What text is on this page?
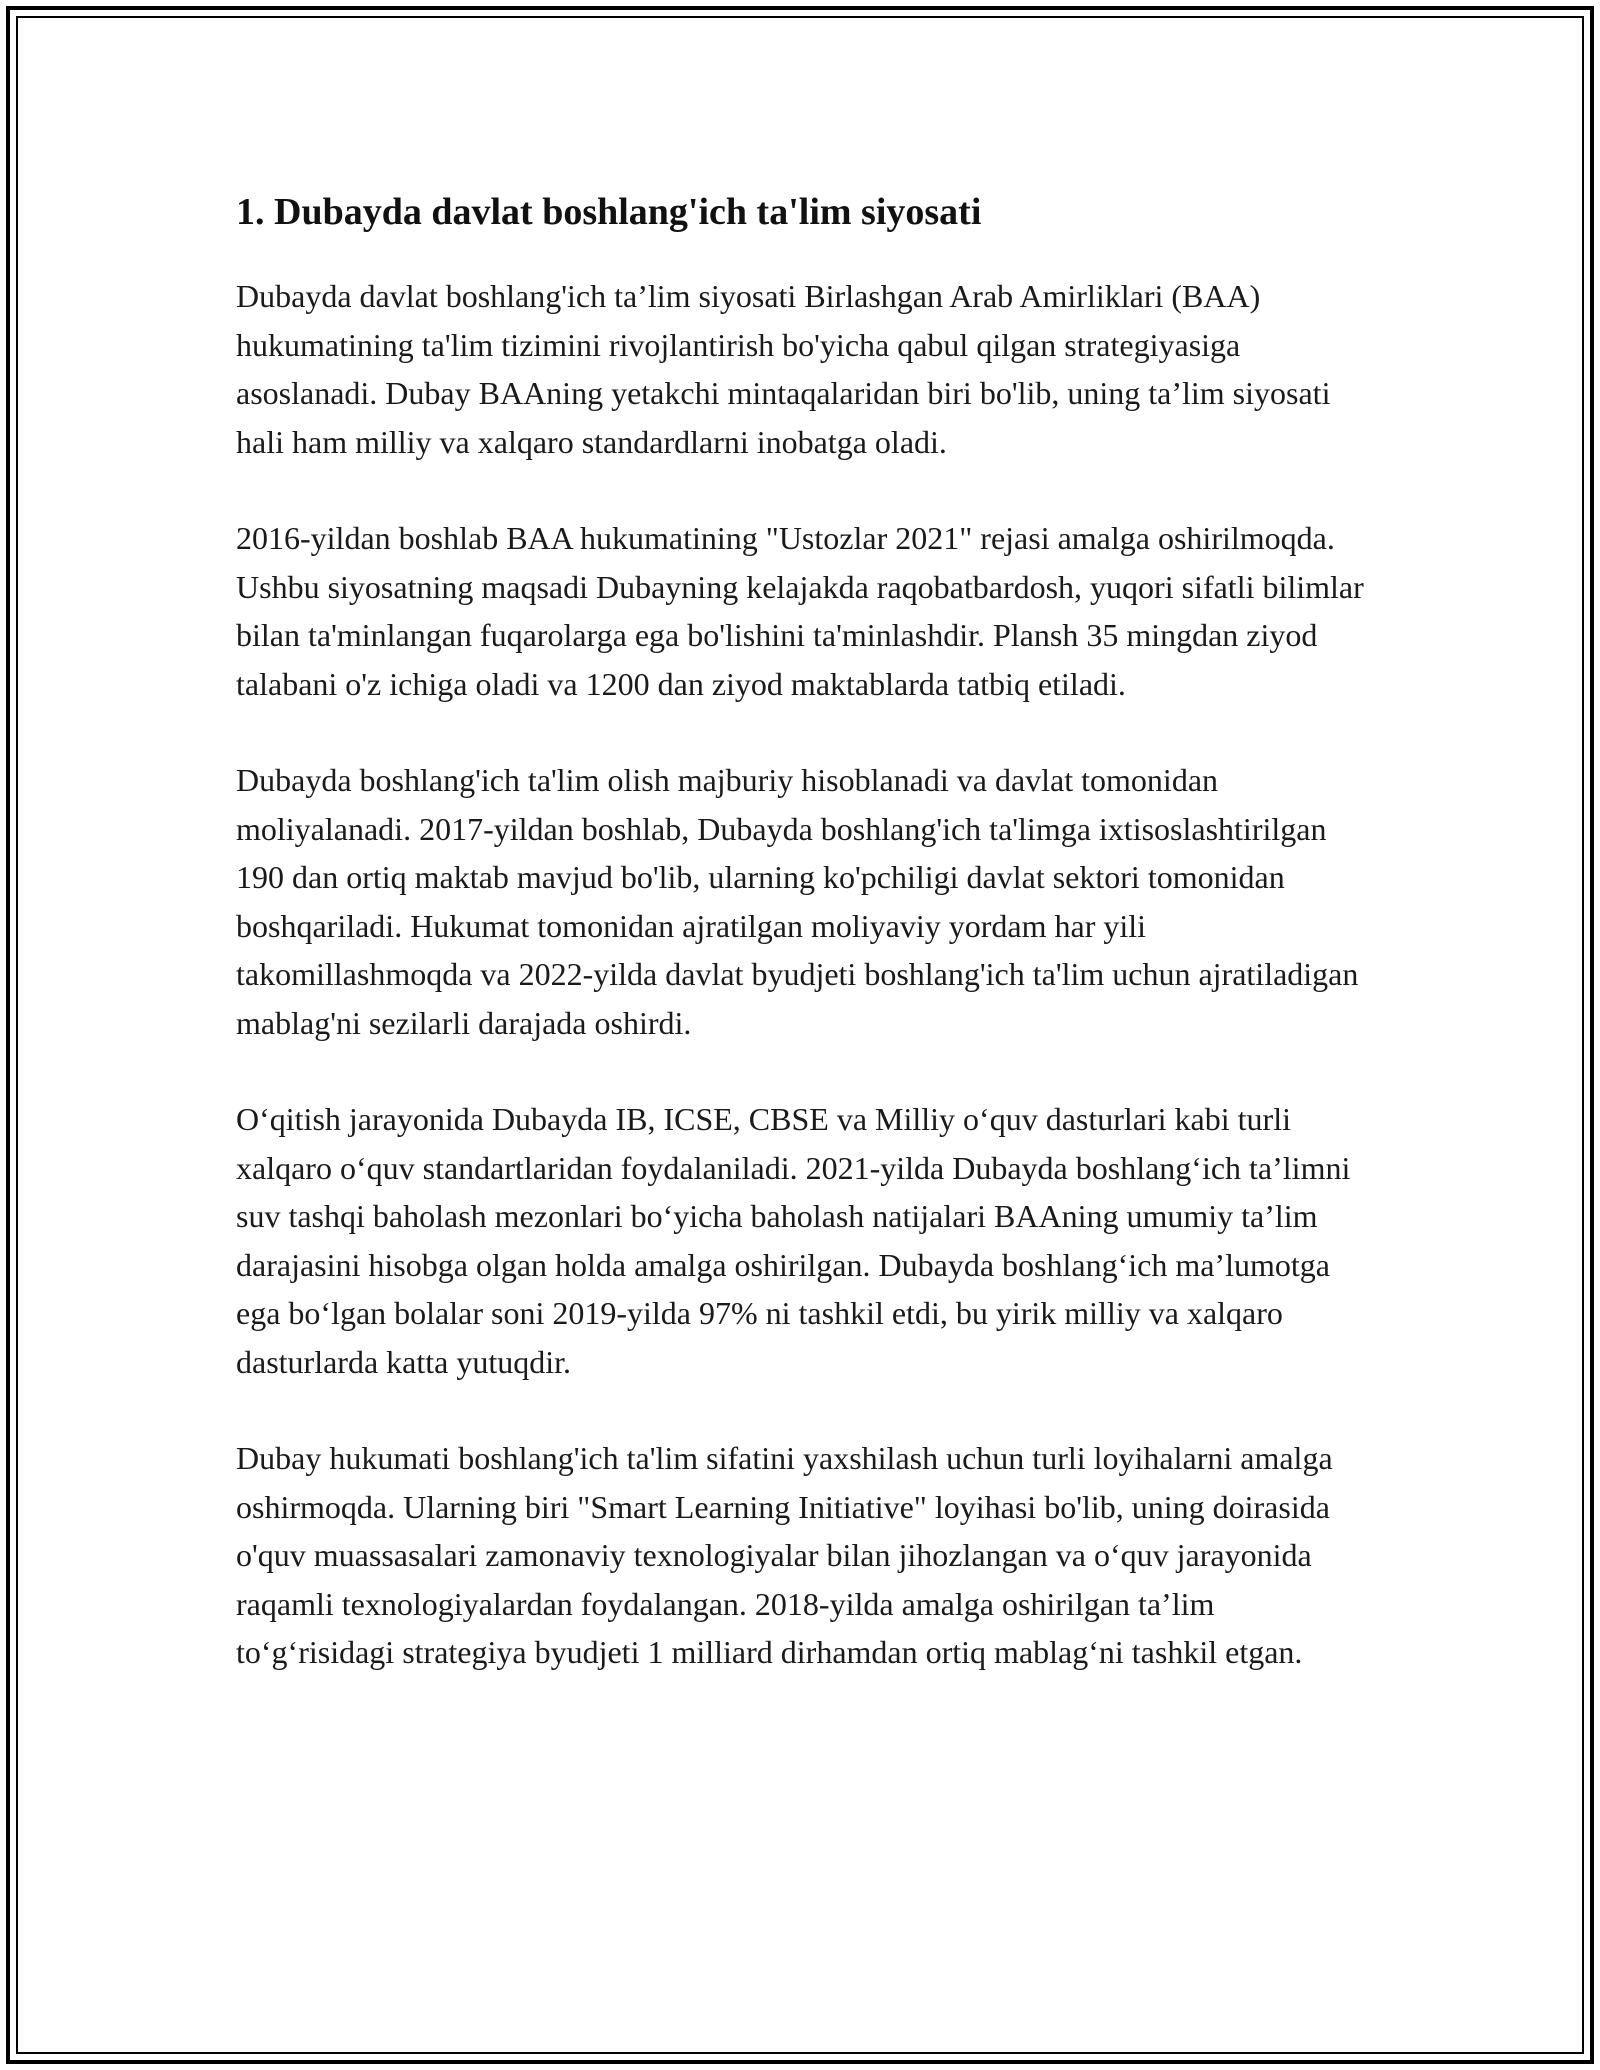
1. Dubayda davlat boshlang'ich ta'lim siyosati

Dubayda davlat boshlang'ich ta’lim siyosati Birlashgan Arab Amirliklari (BAA) hukumatining ta'lim tizimini rivojlantirish bo'yicha qabul qilgan strategiyasiga asoslanadi. Dubay BAAning yetakchi mintaqalaridan biri bo'lib, uning ta’lim siyosati hali ham milliy va xalqaro standardlarni inobatga oladi.

2016-yildan boshlab BAA hukumatining "Ustozlar 2021" rejasi amalga oshirilmoqda. Ushbu siyosatning maqsadi Dubayning kelajakda raqobatbardosh, yuqori sifatli bilimlar bilan ta'minlangan fuqarolarga ega bo'lishini ta'minlashdir. Plansh 35 mingdan ziyod talabani o'z ichiga oladi va 1200 dan ziyod maktablarda tatbiq etiladi.

Dubayda boshlang'ich ta'lim olish majburiy hisoblanadi va davlat tomonidan moliyalanadi. 2017-yildan boshlab, Dubayda boshlang'ich ta'limga ixtisoslashtirilgan 190 dan ortiq maktab mavjud bo'lib, ularning ko'pchiligi davlat sektori tomonidan boshqariladi. Hukumat tomonidan ajratilgan moliyaviy yordam har yili takomillashmoqda va 2022-yilda davlat byudjeti boshlang'ich ta'lim uchun ajratiladigan mablag'ni sezilarli darajada oshirdi.

O‘qitish jarayonida Dubayda IB, ICSE, CBSE va Milliy o‘quv dasturlari kabi turli xalqaro o‘quv standartlaridan foydalaniladi. 2021-yilda Dubayda boshlang‘ich ta’limni suv tashqi baholash mezonlari bo‘yicha baholash natijalari BAAning umumiy ta’lim darajasini hisobga olgan holda amalga oshirilgan. Dubayda boshlang‘ich ma’lumotga ega bo‘lgan bolalar soni 2019-yilda 97% ni tashkil etdi, bu yirik milliy va xalqaro dasturlarda katta yutuqdir.

Dubay hukumati boshlang'ich ta'lim sifatini yaxshilash uchun turli loyihalarni amalga oshirmoqda. Ularning biri "Smart Learning Initiative" loyihasi bo'lib, uning doirasida o'quv muassasalari zamonaviy texnologiyalar bilan jihozlangan va o‘quv jarayonida raqamli texnologiyalardan foydalangan. 2018-yilda amalga oshirilgan ta’lim to‘g‘risidagi strategiya byudjeti 1 milliard dirhamdan ortiq mablag‘ni tashkil etgan.
